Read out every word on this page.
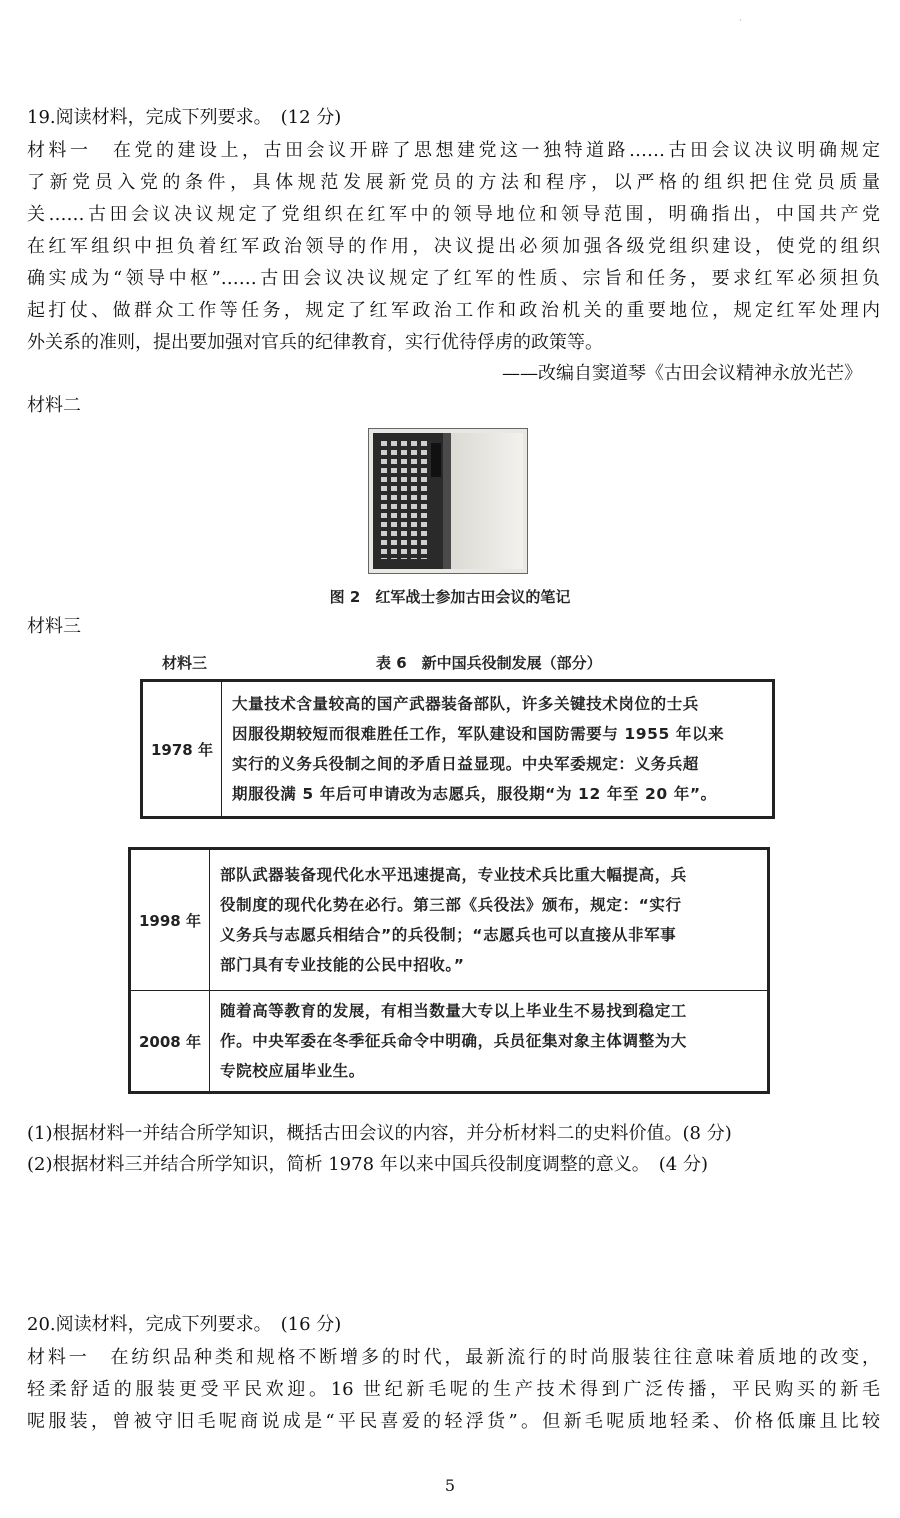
·
19.阅读材料，完成下列要求。　(12 分)
材料一　在党的建设上，古田会议开辟了思想建党这一独特道路……古田会议决议明确规定
了新党员入党的条件，具体规范发展新党员的方法和程序，以严格的组织把住党员质量
关……古田会议决议规定了党组织在红军中的领导地位和领导范围，明确指出，中国共产党
在红军组织中担负着红军政治领导的作用，决议提出必须加强各级党组织建设，使党的组织
确实成为“领导中枢”……古田会议决议规定了红军的性质、宗旨和任务，要求红军必须担负
起打仗、做群众工作等任务，规定了红军政治工作和政治机关的重要地位，规定红军处理内
外关系的准则，提出要加强对官兵的纪律教育，实行优待俘虏的政策等。
——改编自窦道琴《古田会议精神永放光芒》
材料二
图 2　红军战士参加古田会议的笔记
材料三
材料三	表 6　新中国兵役制发展（部分）
1978 年	
大量技术含量较高的国产武器装备部队，许多关键技术岗位的士兵
因服役期较短而很难胜任工作，军队建设和国防需要与 1955 年以来
实行的义务兵役制之间的矛盾日益显现。中央军委规定：义务兵超
期服役满 5 年后可申请改为志愿兵，服役期“为 12 年至 20 年”。
1998 年	部队武器装备现代化水平迅速提高，专业技术兵比重大幅提高，兵
役制度的现代化势在必行。第三部《兵役法》颁布，规定：“实行
义务兵与志愿兵相结合”的兵役制；“志愿兵也可以直接从非军事
部门具有专业技能的公民中招收。”

2008 年	随着高等教育的发展，有相当数量大专以上毕业生不易找到稳定工
作。中央军委在冬季征兵命令中明确，兵员征集对象主体调整为大
专院校应届毕业生。
(1)根据材料一并结合所学知识，概括古田会议的内容，并分析材料二的史料价值。(8 分)
(2)根据材料三并结合所学知识，简析 1978 年以来中国兵役制度调整的意义。　(4 分)
20.阅读材料，完成下列要求。　(16 分)
材料一　在纺织品种类和规格不断增多的时代，最新流行的时尚服装往往意味着质地的改变，
轻柔舒适的服装更受平民欢迎。16 世纪新毛呢的生产技术得到广泛传播，平民购买的新毛
呢服装，曾被守旧毛呢商说成是“平民喜爱的轻浮货”。但新毛呢质地轻柔、价格低廉且比较
5
